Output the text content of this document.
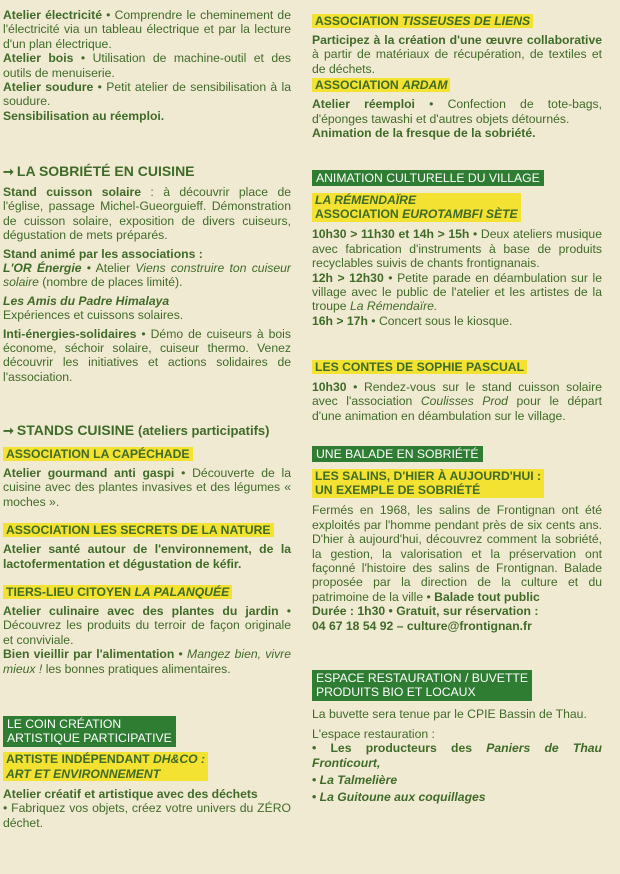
Atelier électricité • Comprendre le cheminement de l'électricité via un tableau électrique et par la lecture d'un plan électrique.

Atelier bois • Utilisation de machine-outil et des outils de menuiserie.

Atelier soudure • Petit atelier de sensibilisation à la soudure.

Sensibilisation au réemploi.

➞ LA SOBRIÉTÉ EN CUISINE

Stand cuisson solaire : à découvrir place de l'église, passage Michel-Gueorguieff. Démonstration de cuisson solaire, exposition de divers cuiseurs, dégustation de mets préparés.

Stand animé par les associations :

L'OR Énergie • Atelier Viens construire ton cuiseur solaire (nombre de places limité).

Les Amis du Padre Himalaya
Expériences et cuissons solaires.

Inti-énergies-solidaires • Démo de cuiseurs à bois économe, séchoir solaire, cuiseur thermo. Venez découvrir les initiatives et actions solidaires de l'association.

➞ STANDS CUISINE (ateliers participatifs)
ASSOCIATION LA CAPÉCHADE

Atelier gourmand anti gaspi • Découverte de la cuisine avec des plantes invasives et des légumes « moches ».

ASSOCIATION LES SECRETS DE LA NATURE

Atelier santé autour de l'environnement, de la lactofermentation et dégustation de kéfir.

TIERS-LIEU CITOYEN LA PALANQUÉE

Atelier culinaire avec des plantes du jardin • Découvrez les produits du terroir de façon originale et conviviale.

Bien vieillir par l'alimentation • Mangez bien, vivre mieux ! les bonnes pratiques alimentaires.

LE COIN CRÉATION
ARTISTIQUE PARTICIPATIVE
ARTISTE INDÉPENDANT DH&CO :
ART ET ENVIRONNEMENT

Atelier créatif et artistique avec des déchets
• Fabriquez vos objets, créez votre univers du ZÉRO déchet.

ASSOCIATION TISSEUSES DE LIENS

Participez à la création d'une œuvre collaborative à partir de matériaux de récupération, de textiles et de déchets.

ASSOCIATION ARDAM

Atelier réemploi • Confection de tote-bags, d'éponges tawashi et d'autres objets détournés.
Animation de la fresque de la sobriété.

ANIMATION CULTURELLE DU VILLAGE
LA RÉMENDAÏRE
ASSOCIATION EUROTAMBFI SÈTE

10h30 > 11h30 et 14h > 15h • Deux ateliers musique avec fabrication d'instruments à base de produits recyclables suivis de chants frontignanais.

12h > 12h30 • Petite parade en déambulation sur le village avec le public de l'atelier et les artistes de la troupe La Rémendaïre.

16h > 17h • Concert sous le kiosque.

LES CONTES DE SOPHIE PASCUAL

10h30 • Rendez-vous sur le stand cuisson solaire avec l'association Coulisses Prod pour le départ d'une animation en déambulation sur le village.

UNE BALADE EN SOBRIÉTÉ
LES SALINS, D'HIER À AUJOURD'HUI :
UN EXEMPLE DE SOBRIÉTÉ

Fermés en 1968, les salins de Frontignan ont été exploités par l'homme pendant près de six cents ans. D'hier à aujourd'hui, découvrez comment la sobriété, la gestion, la valorisation et la préservation ont façonné l'histoire des salins de Frontignan. Balade proposée par la direction de la culture et du patrimoine de la ville • Balade tout public
Durée : 1h30 • Gratuit, sur réservation :
04 67 18 54 92 – culture@frontignan.fr

ESPACE RESTAURATION / BUVETTE
PRODUITS BIO ET LOCAUX

La buvette sera tenue par le CPIE Bassin de Thau.

L'espace restauration :

• Les producteurs des Paniers de Thau Fronticourt,

• La Talmelière

• La Guitoune aux coquillages
